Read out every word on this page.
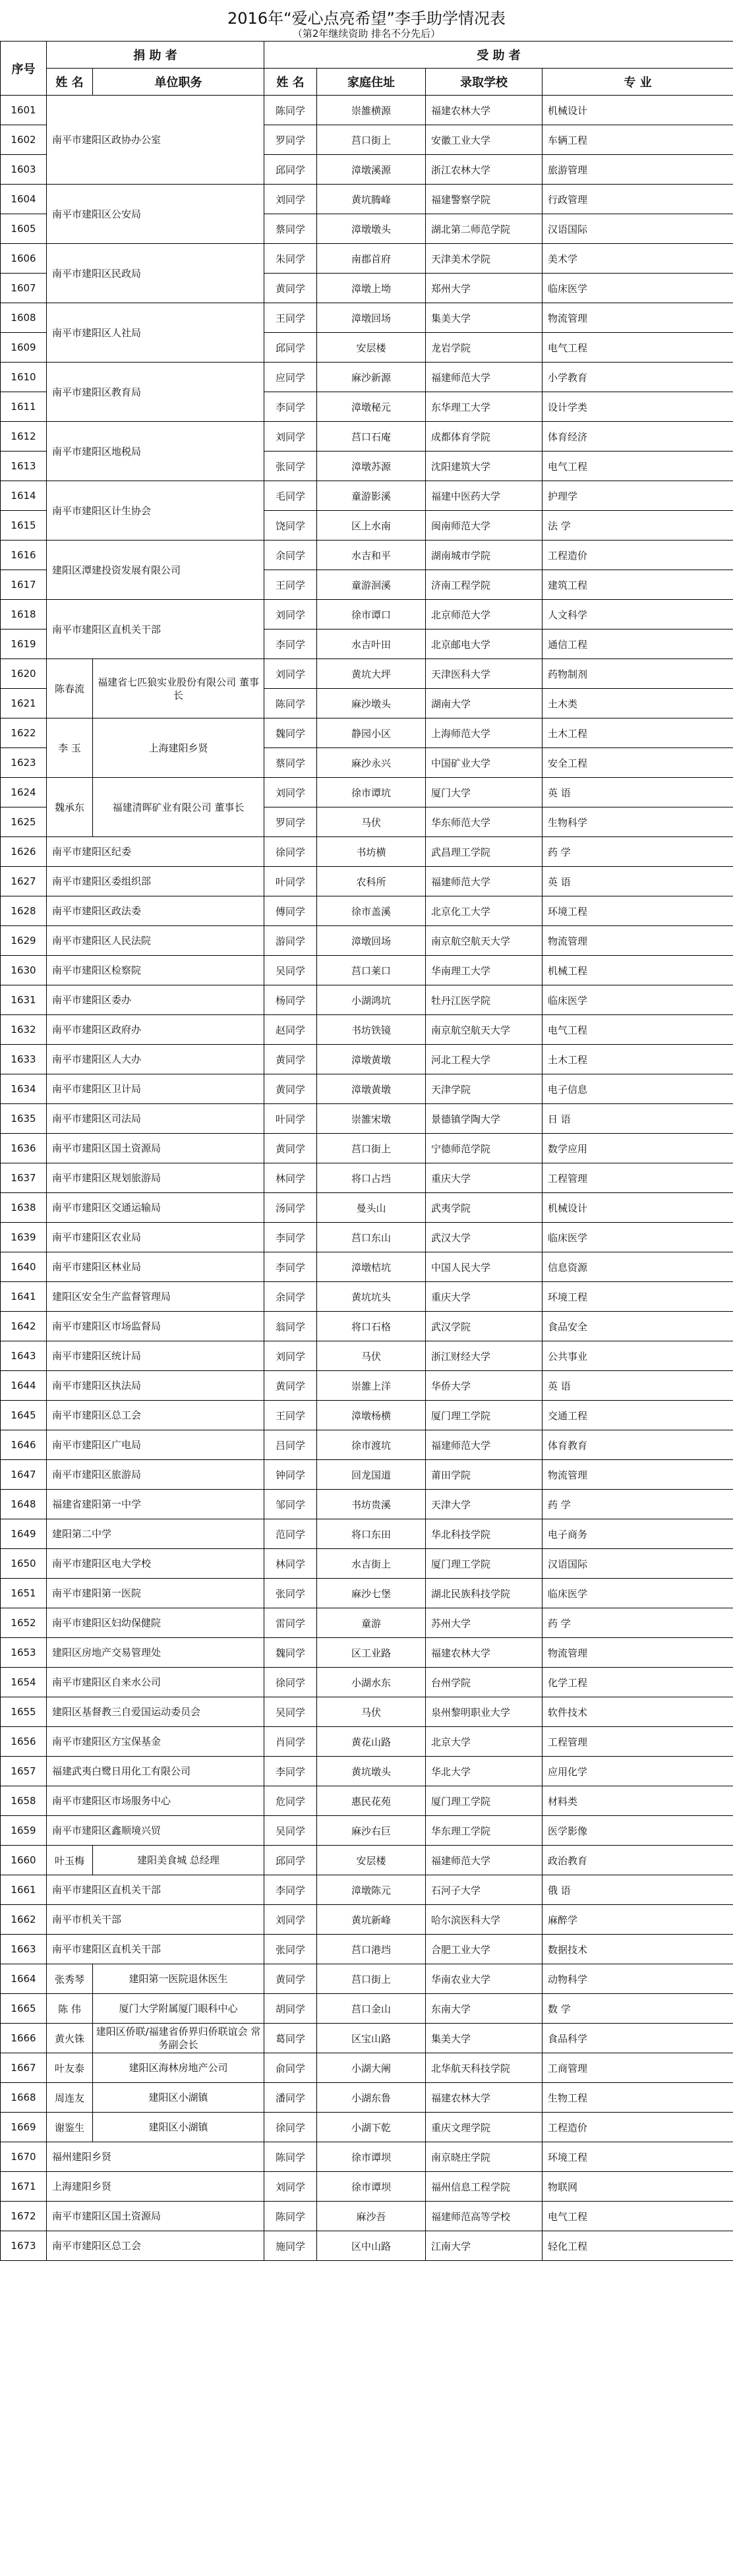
2016年“爱心点亮希望”李手助学情况表
（第2年继续资助 排名不分先后）
序号	捐 助 者		受 助 者			
	姓 名	单位职务	姓 名	家庭住址	录取学校	专 业
1601	南平市建阳区政协办公室		陈同学	崇雒横源	福建农林大学	机械设计
1602			罗同学	莒口街上	安徽工业大学	车辆工程
1603			邱同学	漳墩溪源	浙江农林大学	旅游管理
1604	南平市建阳区公安局		刘同学	黄坑腾峰	福建警察学院	行政管理
1605			蔡同学	漳墩墩头	湖北第二师范学院	汉语国际
1606	南平市建阳区民政局		朱同学	南郡首府	天津美术学院	美术学
1607			黄同学	漳墩上坳	郑州大学	临床医学
1608	南平市建阳区人社局		王同学	漳墩回场	集美大学	物流管理
1609			邱同学	安层楼	龙岩学院	电气工程
1610	南平市建阳区教育局		应同学	麻沙新源	福建师范大学	小学教育
1611			李同学	漳墩秘元	东华理工大学	设计学类
1612	南平市建阳区地税局		刘同学	莒口石庵	成都体育学院	体育经济
1613			张同学	漳墩苏源	沈阳建筑大学	电气工程
1614	南平市建阳区计生协会		毛同学	童游影溪	福建中医药大学	护理学
1615			饶同学	区上水南	闽南师范大学	法 学
1616	建阳区潭建投资发展有限公司		余同学	水吉和平	湖南城市学院	工程造价
1617			王同学	童游洄溪	济南工程学院	建筑工程
1618	南平市建阳区直机关干部		刘同学	徐市谭口	北京师范大学	人文科学
1619			李同学	水吉叶田	北京邮电大学	通信工程
1620	陈春流	福建省七匹狼实业股份有限公司 董事长	刘同学	黄坑大坪	天津医科大学	药物制剂
1621			陈同学	麻沙墩头	湖南大学	土木类
1622	李 玉	上海建阳乡贤	魏同学	静园小区	上海师范大学	土木工程
1623			蔡同学	麻沙永兴	中国矿业大学	安全工程
1624	魏承东	福建清晖矿业有限公司 董事长	刘同学	徐市谭坑	厦门大学	英 语
1625			罗同学	马伏	华东师范大学	生物科学
1626	南平市建阳区纪委		徐同学	书坊横	武昌理工学院	药 学
1627	南平市建阳区委组织部		叶同学	农科所	福建师范大学	英 语
1628	南平市建阳区政法委		傅同学	徐市盖溪	北京化工大学	环境工程
1629	南平市建阳区人民法院		游同学	漳墩回场	南京航空航天大学	物流管理
1630	南平市建阳区检察院		吴同学	莒口莱口	华南理工大学	机械工程
1631	南平市建阳区委办		杨同学	小湖鸿坑	牡丹江医学院	临床医学
1632	南平市建阳区政府办		赵同学	书坊铁镜	南京航空航天大学	电气工程
1633	南平市建阳区人大办		黄同学	漳墩黄墩	河北工程大学	土木工程
1634	南平市建阳区卫计局		黄同学	漳墩黄墩	天津学院	电子信息
1635	南平市建阳区司法局		叶同学	崇雒宋墩	景德镇学陶大学	日 语
1636	南平市建阳区国土资源局		黄同学	莒口街上	宁德师范学院	数学应用
1637	南平市建阳区规划旅游局		林同学	将口占垱	重庆大学	工程管理
1638	南平市建阳区交通运输局		汤同学	曼头山	武夷学院	机械设计
1639	南平市建阳区农业局		李同学	莒口东山	武汉大学	临床医学
1640	南平市建阳区林业局		李同学	漳墩桔坑	中国人民大学	信息资源
1641	建阳区安全生产监督管理局		余同学	黄坑坑头	重庆大学	环境工程
1642	南平市建阳区市场监督局		翁同学	将口石格	武汉学院	食品安全
1643	南平市建阳区统计局		刘同学	马伏	浙江财经大学	公共事业
1644	南平市建阳区执法局		黄同学	崇雒上洋	华侨大学	英 语
1645	南平市建阳区总工会		王同学	漳墩杨横	厦门理工学院	交通工程
1646	南平市建阳区广电局		吕同学	徐市渡坑	福建师范大学	体育教育
1647	南平市建阳区旅游局		钟同学	回龙国道	莆田学院	物流管理
1648	福建省建阳第一中学		邹同学	书坊贵溪	天津大学	药 学
1649	建阳第二中学		范同学	将口东田	华北科技学院	电子商务
1650	南平市建阳区电大学校		林同学	水吉街上	厦门理工学院	汉语国际
1651	南平市建阳第一医院		张同学	麻沙七堡	湖北民族科技学院	临床医学
1652	南平市建阳区妇幼保健院		雷同学	童游	苏州大学	药 学
1653	建阳区房地产交易管理处		魏同学	区工业路	福建农林大学	物流管理
1654	南平市建阳区自来水公司		徐同学	小湖水东	台州学院	化学工程
1655	建阳区基督教三自爱国运动委员会		吴同学	马伏	泉州黎明职业大学	软件技术
1656	南平市建阳区方宝保基金		肖同学	黄花山路	北京大学	工程管理
1657	福建武夷白鹭日用化工有限公司		李同学	黄坑墩头	华北大学	应用化学
1658	南平市建阳区市场服务中心		危同学	惠民花苑	厦门理工学院	材料类
1659	南平市建阳区鑫顺境兴贸		吴同学	麻沙右巨	华东理工学院	医学影像
1660	叶玉梅	建阳美食城 总经理	邱同学	安层楼	福建师范大学	政治教育
1661	南平市建阳区直机关干部		李同学	漳墩陈元	石河子大学	俄 语
1662	南平市机关干部		刘同学	黄坑新峰	哈尔滨医科大学	麻醉学
1663	南平市建阳区直机关干部		张同学	莒口港垱	合肥工业大学	数据技术
1664	张秀琴	建阳第一医院退休医生	黄同学	莒口街上	华南农业大学	动物科学
1665	陈 伟	厦门大学附属厦门眼科中心	胡同学	莒口金山	东南大学	数 学
1666	黄火铢	建阳区侨联/福建省侨界归侨联谊会 常务副会长	葛同学	区宝山路	集美大学	食品科学
1667	叶友泰	建阳区海林房地产公司	俞同学	小湖大阐	北华航天科技学院	工商管理
1668	周连友	建阳区小湖镇	潘同学	小湖东鲁	福建农林大学	生物工程
1669	谢鉴生	建阳区小湖镇	徐同学	小湖下乾	重庆文理学院	工程造价
1670	福州建阳乡贤		陈同学	徐市谭坝	南京晓庄学院	环境工程
1671	上海建阳乡贤		刘同学	徐市谭坝	福州信息工程学院	物联网
1672	南平市建阳区国土资源局		陈同学	麻沙吾	福建师范高等学校	电气工程
1673	南平市建阳区总工会		施同学	区中山路	江南大学	轻化工程
